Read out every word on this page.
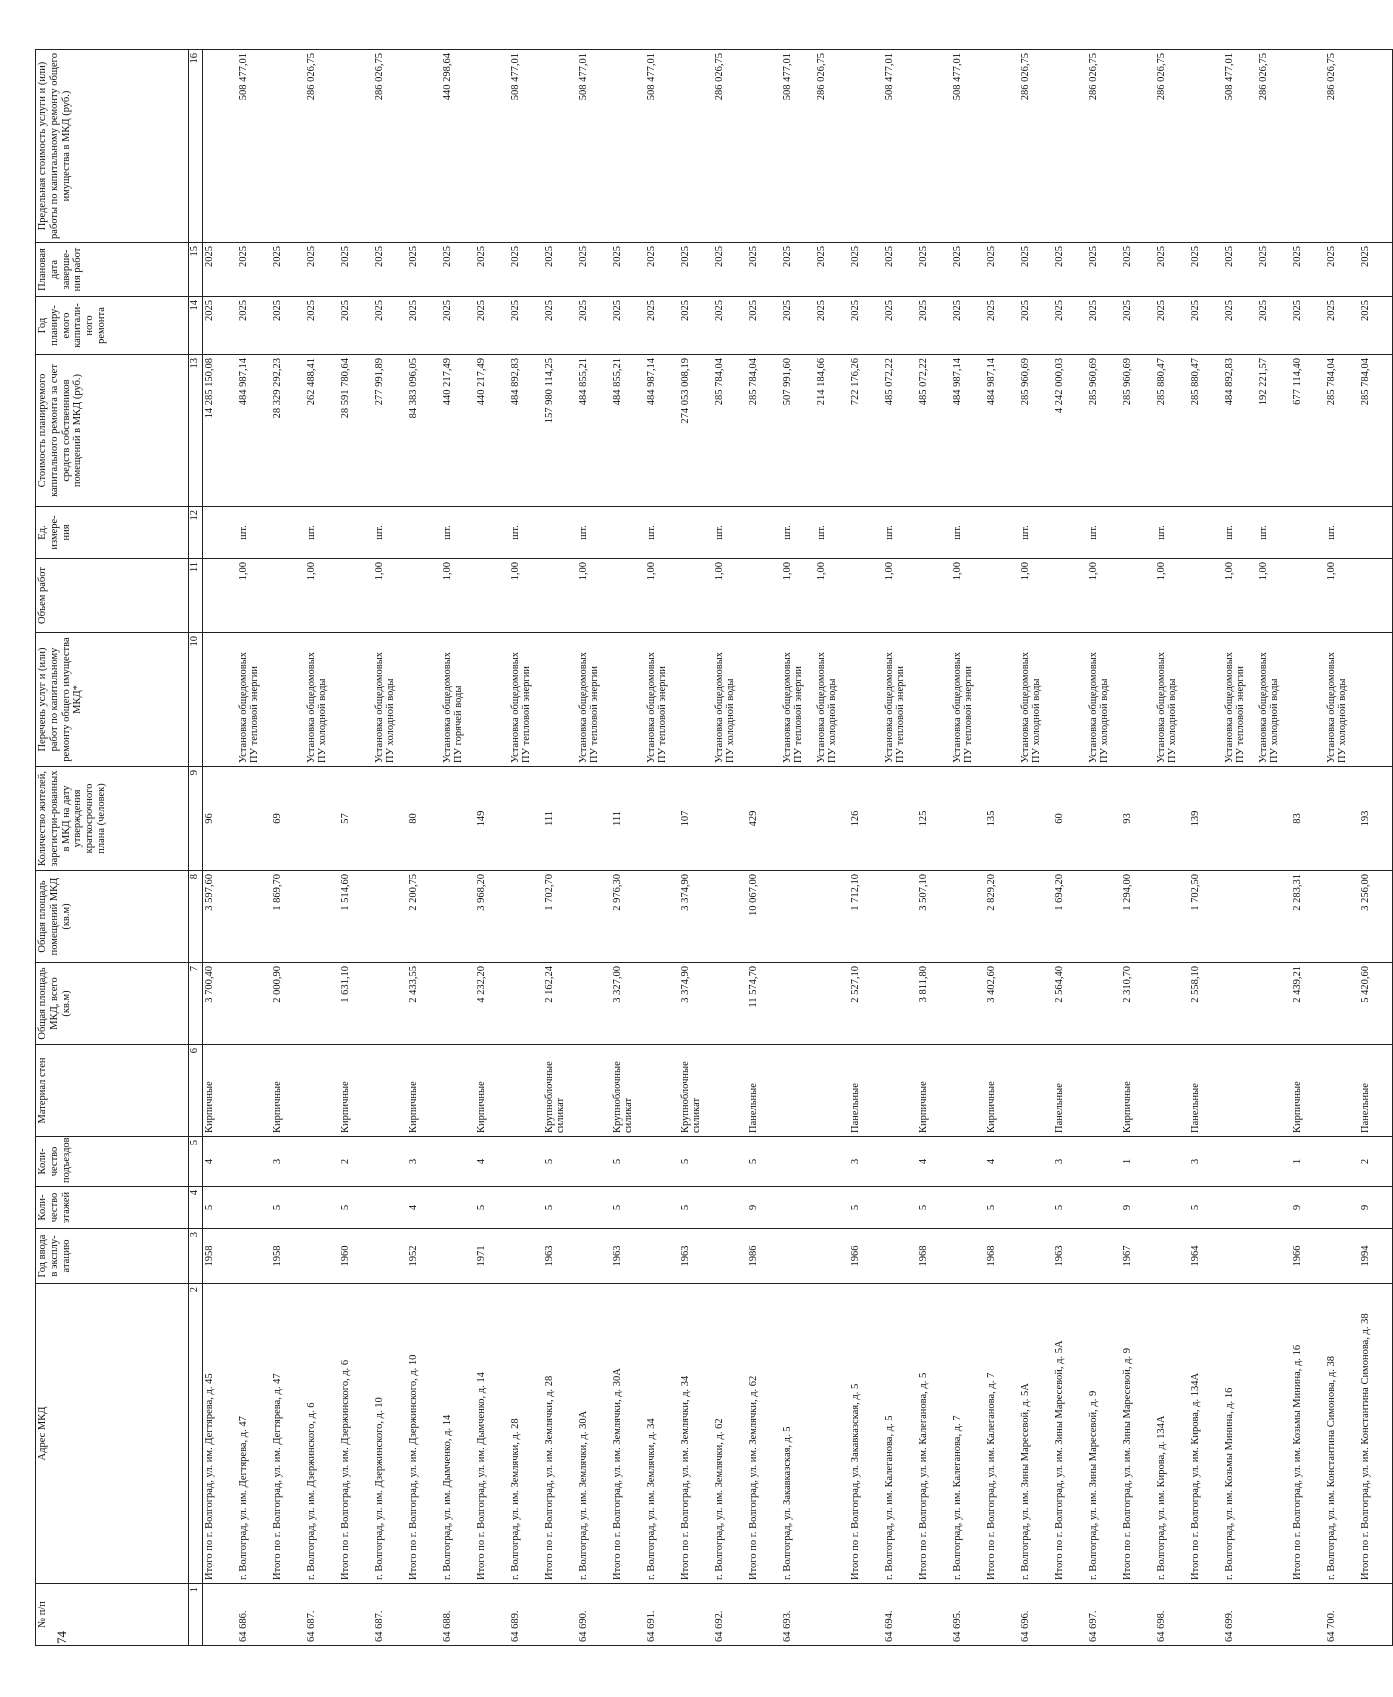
74
№ п/п	Адрес МКД	Год ввода в эксплу-атацию	Коли-чество этажей	Коли-чество подъездов	Материал стен	Общая площадь МКД, всего (кв.м)	Общая площадь помещений МКД (кв.м)	Количество жителей, зарегистри-рованных в МКД на дату утверждения краткосрочного плана (человек)	Перечень услуг и (или) работ по капитальному ремонту общего имущества МКД*	Объем работ	Ед. измере-ния	Стоимость планируемого капитального ремонта за счет средств собственников помещений в МКД (руб.)	Год планиру-емого капитали-ного ремонта	Плановая дата заверше-ния работ	Предельная стоимость услуги и (или) работы по капитальному ремонту общего имущества в МКД (руб.)
1	2	3	4	5	6	7	8	9	10	11	12	13	14	15	16
	Итого по г. Волгоград, ул. им. Дегтярева, д. 45	1958	5	4	Кирпичные	3 700,40	3 597,60	96				14 285 150,08	2025	2025	
64 686.	г. Волгоград, ул. им. Дегтярева, д. 47								Установка общедомовых ПУ тепловой энергии	1,00	шт.	484 987,14	2025	2025	508 477,01
	Итого по г. Волгоград, ул. им. Дегтярева, д. 47	1958	5	3	Кирпичные	2 000,90	1 869,70	69				28 329 292,23	2025	2025	
64 687.	г. Волгоград, ул. им. Дзержинского, д. 6								Установка общедомовых ПУ холодной воды	1,00	шт.	262 488,41	2025	2025	286 026,75
	Итого по г. Волгоград, ул. им. Дзержинского, д. 6	1960	5	2	Кирпичные	1 631,10	1 514,60	57				28 591 780,64	2025	2025	
64 687.	г. Волгоград, ул. им. Дзержинского, д. 10								Установка общедомовых ПУ холодной воды	1,00	шт.	277 991,89	2025	2025	286 026,75
	Итого по г. Волгоград, ул. им. Дзержинского, д. 10	1952	4	3	Кирпичные	2 433,55	2 200,75	80				84 383 096,05	2025	2025	
64 688.	г. Волгоград, ул. им. Дымченко, д. 14								Установка общедомовых ПУ горячей воды	1,00	шт.	440 217,49	2025	2025	440 298,64
	Итого по г. Волгоград, ул. им. Дымченко, д. 14	1971	5	4	Кирпичные	4 232,20	3 968,20	149				440 217,49	2025	2025	
64 689.	г. Волгоград, ул. им. Землячки, д. 28								Установка общедомовых ПУ тепловой энергии	1,00	шт.	484 892,83	2025	2025	508 477,01
	Итого по г. Волгоград, ул. им. Землячки, д. 28	1963	5	5	Крупноблочные силикат	2 162,24	1 702,70	111				157 980 114,25	2025	2025	
64 690.	г. Волгоград, ул. им. Землячки, д. 30А								Установка общедомовых ПУ тепловой энергии	1,00	шт.	484 855,21	2025	2025	508 477,01
	Итого по г. Волгоград, ул. им. Землячки, д. 30А	1963	5	5	Крупноблочные силикат	3 327,00	2 976,30	111				484 855,21	2025	2025	
64 691.	г. Волгоград, ул. им. Землячки, д. 34								Установка общедомовых ПУ тепловой энергии	1,00	шт.	484 987,14	2025	2025	508 477,01
	Итого по г. Волгоград, ул. им. Землячки, д. 34	1963	5	5	Крупноблочные силикат	3 374,90	3 374,90	107				274 053 008,19	2025	2025	
64 692.	г. Волгоград, ул. им. Землячки, д. 62								Установка общедомовых ПУ холодной воды	1,00	шт.	285 784,04	2025	2025	286 026,75
	Итого по г. Волгоград, ул. им. Землячки, д. 62	1986	9	5	Панельные	11 574,70	10 067,00	429				285 784,04	2025	2025	
64 693.	г. Волгоград, ул. Закавказская, д. 5								Установка общедомовых ПУ тепловой энергии	1,00	шт.	507 991,60	2025	2025	508 477,01
									Установка общедомовых ПУ холодной воды	1,00	шт.	214 184,66	2025	2025	286 026,75
	Итого по г. Волгоград, ул. Закавказская, д. 5	1966	5	3	Панельные	2 527,10	1 712,10	126				722 176,26	2025	2025	
64 694.	г. Волгоград, ул. им. Калеганова, д. 5								Установка общедомовых ПУ тепловой энергии	1,00	шт.	485 072,22	2025	2025	508 477,01
	Итого по г. Волгоград, ул. им. Калеганова, д. 5	1968	5	4	Кирпичные	3 811,80	3 507,10	125				485 072,22	2025	2025	
64 695.	г. Волгоград, ул. им. Калеганова, д. 7								Установка общедомовых ПУ тепловой энергии	1,00	шт.	484 987,14	2025	2025	508 477,01
	Итого по г. Волгоград, ул. им. Калеганова, д. 7	1968	5	4	Кирпичные	3 402,60	2 829,20	135				484 987,14	2025	2025	
64 696.	г. Волгоград, ул. им. Зины Маресевой, д. 5А								Установка общедомовых ПУ холодной воды	1,00	шт.	285 960,69	2025	2025	286 026,75
	Итого по г. Волгоград, ул. им. Зины Маресевой, д. 5А	1963	5	3	Панельные	2 564,40	1 694,20	60				4 242 000,03	2025	2025	
64 697.	г. Волгоград, ул. им. Зины Маресевой, д. 9								Установка общедомовых ПУ холодной воды	1,00	шт.	285 960,69	2025	2025	286 026,75
	Итого по г. Волгоград, ул. им. Зины Маресевой, д. 9	1967	9	1	Кирпичные	2 310,70	1 294,00	93				285 960,69	2025	2025	
64 698.	г. Волгоград, ул. им. Кирова, д. 134А								Установка общедомовых ПУ холодной воды	1,00	шт.	285 880,47	2025	2025	286 026,75
	Итого по г. Волгоград, ул. им. Кирова, д. 134А	1964	5	3	Панельные	2 558,10	1 702,50	139				285 880,47	2025	2025	
64 699.	г. Волгоград, ул. им. Козьмы Минина, д. 16								Установка общедомовых ПУ тепловой энергии	1,00	шт.	484 892,83	2025	2025	508 477,01
									Установка общедомовых ПУ холодной воды	1,00	шт.	192 221,57	2025	2025	286 026,75
	Итого по г. Волгоград, ул. им. Козьмы Минина, д. 16	1966	9	1	Кирпичные	2 439,21	2 283,31	83				677 114,40	2025	2025	
64 700.	г. Волгоград, ул. им. Константина Симонова, д. 38								Установка общедомовых ПУ холодной воды	1,00	шт.	285 784,04	2025	2025	286 026,75
	Итого по г. Волгоград, ул. им. Константина Симонова, д. 38	1994	9	2	Панельные	5 420,60	3 256,00	193				285 784,04	2025	2025	
